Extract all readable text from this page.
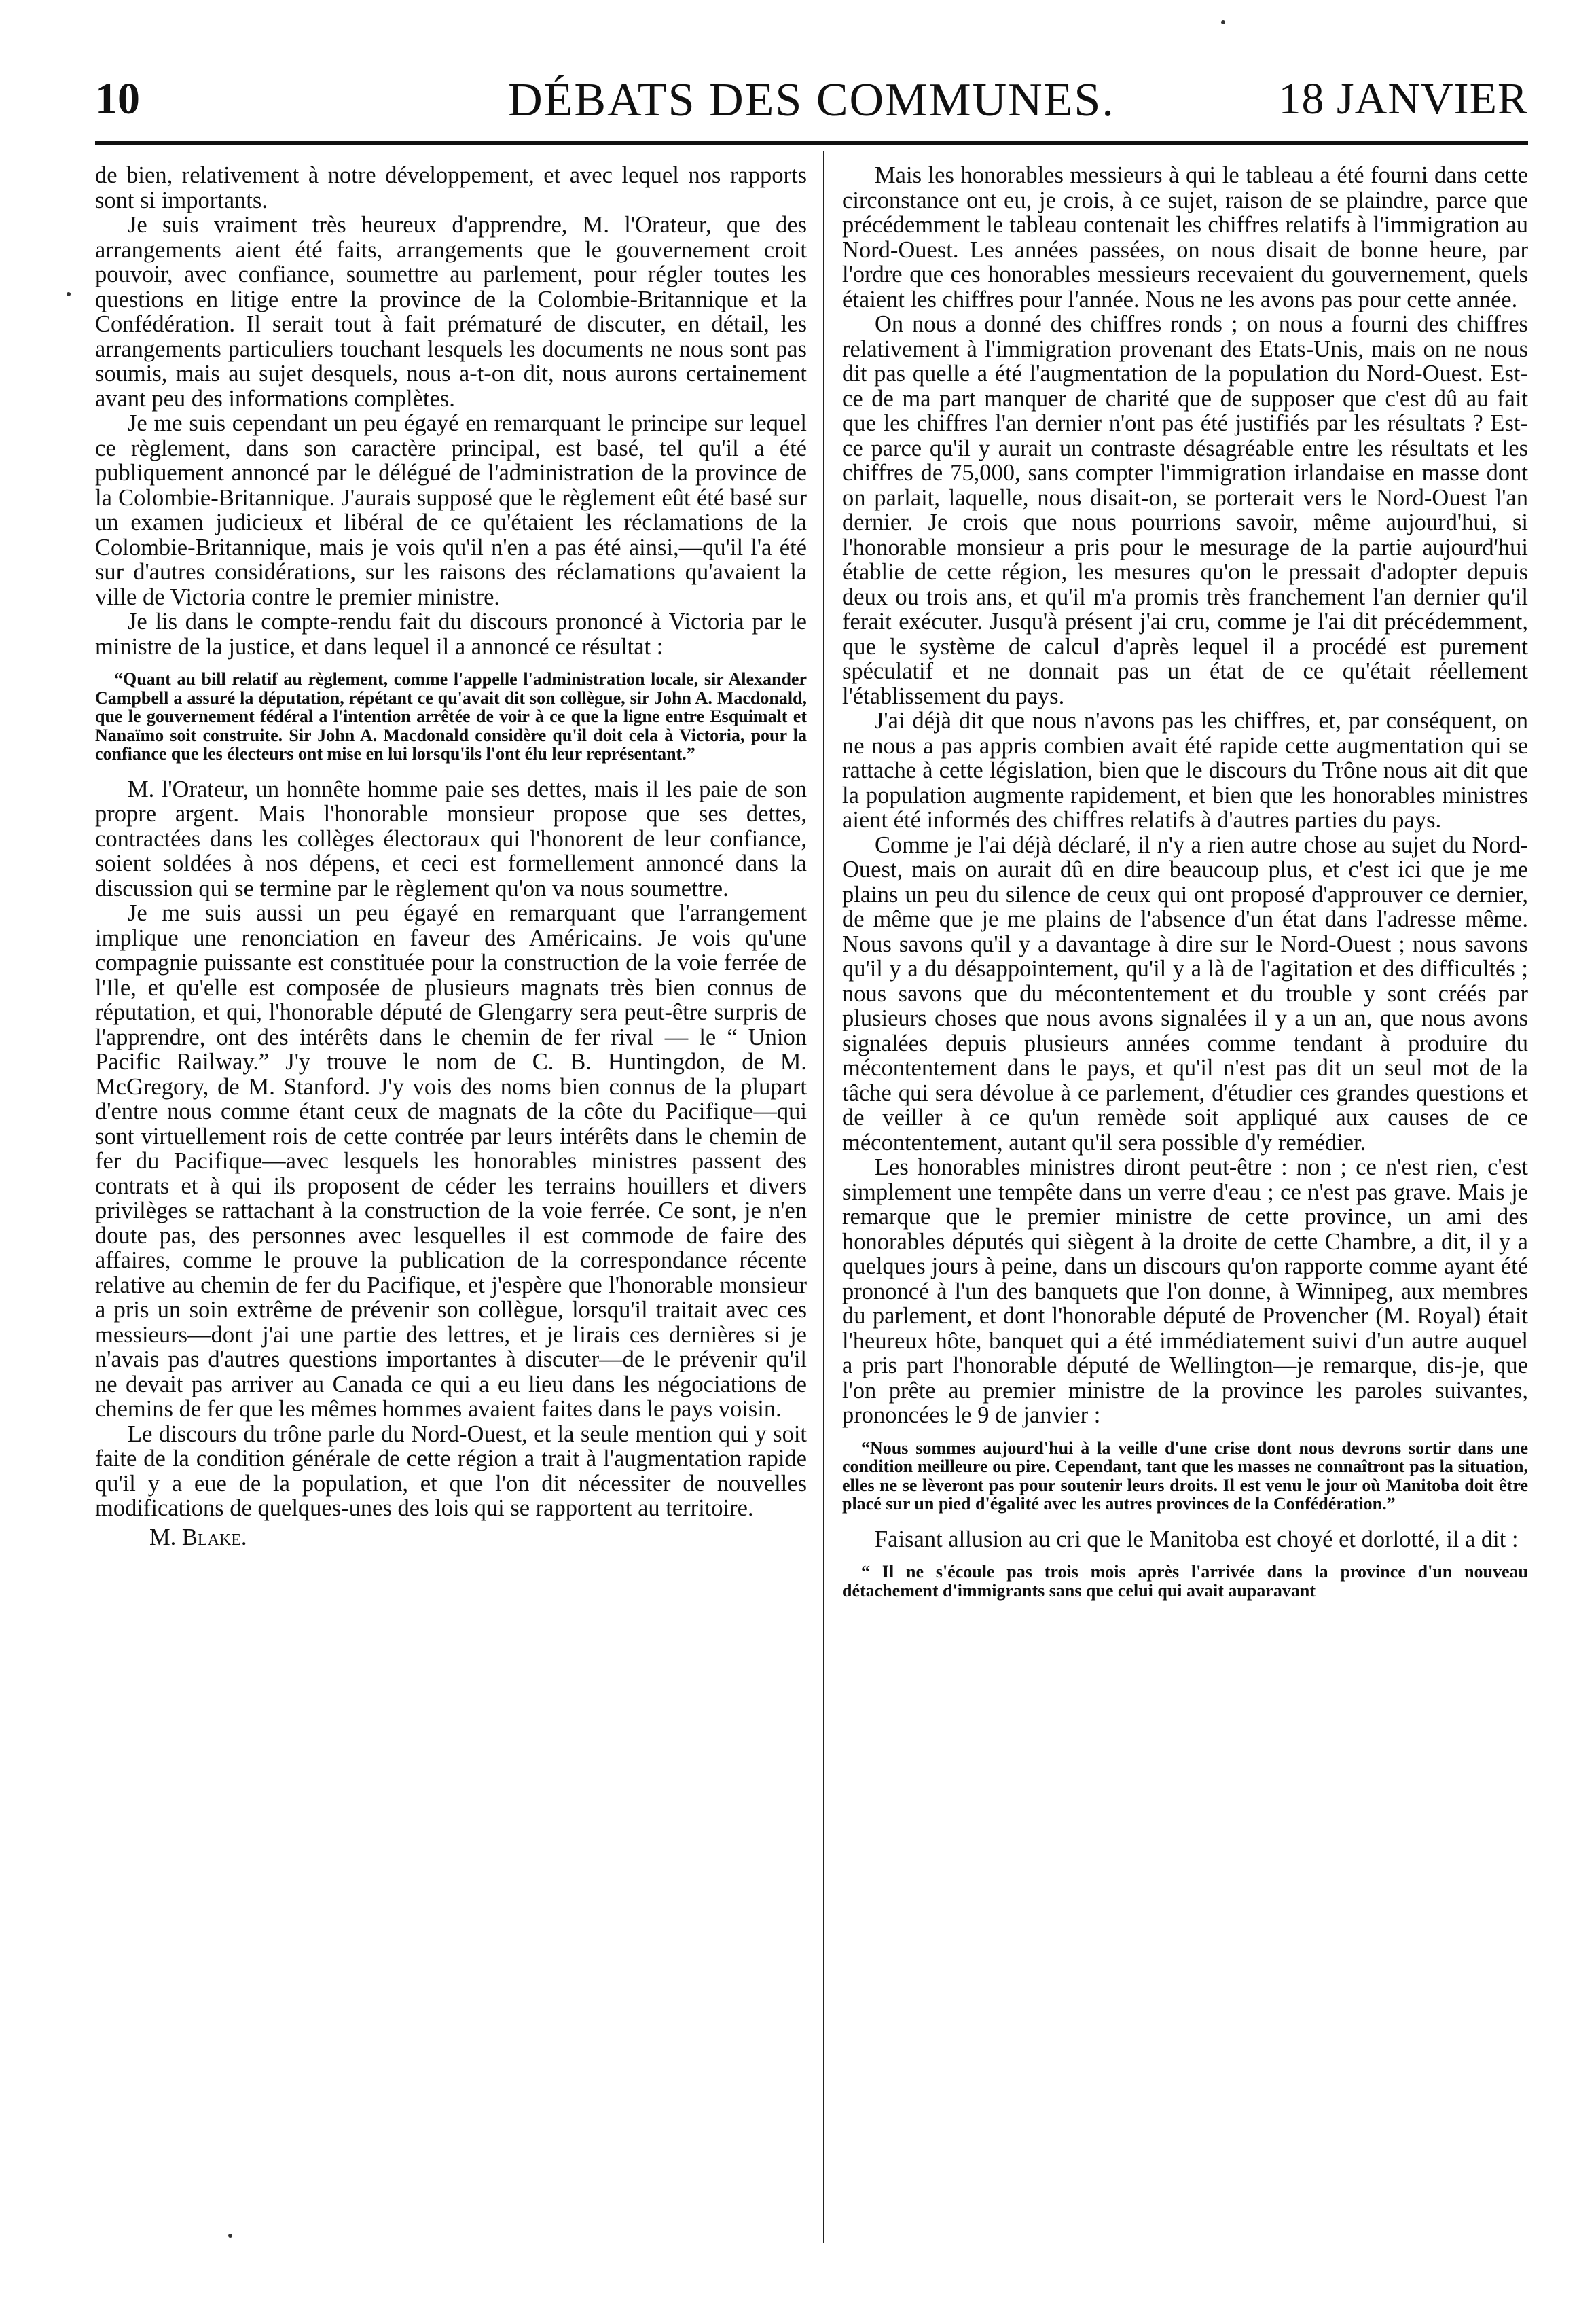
10	DÉBATS DES COMMUNES.	18 JANVIER

de bien, relativement à notre développement, et avec lequel nos rapports sont si importants.

Je suis vraiment très heureux d'apprendre, M. l'Orateur, que des arrangements aient été faits, arrangements que le gouvernement croit pouvoir, avec confiance, soumettre au parlement, pour régler toutes les questions en litige entre la province de la Colombie-Britannique et la Confédération. Il serait tout à fait prématuré de discuter, en détail, les arrangements particuliers touchant lesquels les documents ne nous sont pas soumis, mais au sujet desquels, nous a-t-on dit, nous aurons certainement avant peu des informations complètes.

Je me suis cependant un peu égayé en remarquant le principe sur lequel ce règlement, dans son caractère principal, est basé, tel qu'il a été publiquement annoncé par le délégué de l'administration de la province de la Colombie-Britannique. J'aurais supposé que le règlement eût été basé sur un examen judicieux et libéral de ce qu'étaient les réclamations de la Colombie-Britannique, mais je vois qu'il n'en a pas été ainsi,—qu'il l'a été sur d'autres considérations, sur les raisons des réclamations qu'avaient la ville de Victoria contre le premier ministre.

Je lis dans le compte-rendu fait du discours prononcé à Victoria par le ministre de la justice, et dans lequel il a annoncé ce résultat :

“Quant au bill relatif au règlement, comme l'appelle l'administration locale, sir Alexander Campbell a assuré la députation, répétant ce qu'avait dit son collègue, sir John A. Macdonald, que le gouvernement fédéral a l'intention arrêtée de voir à ce que la ligne entre Esquimalt et Nanaïmo soit construite. Sir John A. Macdonald considère qu'il doit cela à Victoria, pour la confiance que les électeurs ont mise en lui lorsqu'ils l'ont élu leur représentant.”

M. l'Orateur, un honnête homme paie ses dettes, mais il les paie de son propre argent. Mais l'honorable monsieur propose que ses dettes, contractées dans les collèges électoraux qui l'honorent de leur confiance, soient soldées à nos dépens, et ceci est formellement annoncé dans la discussion qui se termine par le règlement qu'on va nous soumettre.

Je me suis aussi un peu égayé en remarquant que l'arrangement implique une renonciation en faveur des Américains. Je vois qu'une compagnie puissante est constituée pour la construction de la voie ferrée de l'Ile, et qu'elle est composée de plusieurs magnats très bien connus de réputation, et qui, l'honorable député de Glengarry sera peut-être surpris de l'apprendre, ont des intérêts dans le chemin de fer rival — le “ Union Pacific Railway.” J'y trouve le nom de C. B. Huntingdon, de M. McGregory, de M. Stanford. J'y vois des noms bien connus de la plupart d'entre nous comme étant ceux de magnats de la côte du Pacifique—qui sont virtuellement rois de cette contrée par leurs intérêts dans le chemin de fer du Pacifique—avec lesquels les honorables ministres passent des contrats et à qui ils proposent de céder les terrains houillers et divers privilèges se rattachant à la construction de la voie ferrée. Ce sont, je n'en doute pas, des personnes avec lesquelles il est commode de faire des affaires, comme le prouve la publication de la correspondance récente relative au chemin de fer du Pacifique, et j'espère que l'honorable monsieur a pris un soin extrême de prévenir son collègue, lorsqu'il traitait avec ces messieurs—dont j'ai une partie des lettres, et je lirais ces dernières si je n'avais pas d'autres questions importantes à discuter—de le prévenir qu'il ne devait pas arriver au Canada ce qui a eu lieu dans les négociations de chemins de fer que les mêmes hommes avaient faites dans le pays voisin.

Le discours du trône parle du Nord-Ouest, et la seule mention qui y soit faite de la condition générale de cette région a trait à l'augmentation rapide qu'il y a eue de la population, et que l'on dit nécessiter de nouvelles modifications de quelques-unes des lois qui se rapportent au territoire.

M. Blake.

Mais les honorables messieurs à qui le tableau a été fourni dans cette circonstance ont eu, je crois, à ce sujet, raison de se plaindre, parce que précédemment le tableau contenait les chiffres relatifs à l'immigration au Nord-Ouest. Les années passées, on nous disait de bonne heure, par l'ordre que ces honorables messieurs recevaient du gouvernement, quels étaient les chiffres pour l'année. Nous ne les avons pas pour cette année.

On nous a donné des chiffres ronds ; on nous a fourni des chiffres relativement à l'immigration provenant des Etats-Unis, mais on ne nous dit pas quelle a été l'augmentation de la population du Nord-Ouest. Est-ce de ma part manquer de charité que de supposer que c'est dû au fait que les chiffres l'an dernier n'ont pas été justifiés par les résultats ? Est-ce parce qu'il y aurait un contraste désagréable entre les résultats et les chiffres de 75,000, sans compter l'immigration irlandaise en masse dont on parlait, laquelle, nous disait-on, se porterait vers le Nord-Ouest l'an dernier. Je crois que nous pourrions savoir, même aujourd'hui, si l'honorable monsieur a pris pour le mesurage de la partie aujourd'hui établie de cette région, les mesures qu'on le pressait d'adopter depuis deux ou trois ans, et qu'il m'a promis très franchement l'an dernier qu'il ferait exécuter. Jusqu'à présent j'ai cru, comme je l'ai dit précédemment, que le système de calcul d'après lequel il a procédé est purement spéculatif et ne donnait pas un état de ce qu'était réellement l'établissement du pays.

J'ai déjà dit que nous n'avons pas les chiffres, et, par conséquent, on ne nous a pas appris combien avait été rapide cette augmentation qui se rattache à cette législation, bien que le discours du Trône nous ait dit que la population augmente rapidement, et bien que les honorables ministres aient été informés des chiffres relatifs à d'autres parties du pays.

Comme je l'ai déjà déclaré, il n'y a rien autre chose au sujet du Nord-Ouest, mais on aurait dû en dire beaucoup plus, et c'est ici que je me plains un peu du silence de ceux qui ont proposé d'approuver ce dernier, de même que je me plains de l'absence d'un état dans l'adresse même. Nous savons qu'il y a davantage à dire sur le Nord-Ouest ; nous savons qu'il y a du désappointement, qu'il y a là de l'agitation et des difficultés ; nous savons que du mécontentement et du trouble y sont créés par plusieurs choses que nous avons signalées il y a un an, que nous avons signalées depuis plusieurs années comme tendant à produire du mécontentement dans le pays, et qu'il n'est pas dit un seul mot de la tâche qui sera dévolue à ce parlement, d'étudier ces grandes questions et de veiller à ce qu'un remède soit appliqué aux causes de ce mécontentement, autant qu'il sera possible d'y remédier.

Les honorables ministres diront peut-être : non ; ce n'est rien, c'est simplement une tempête dans un verre d'eau ; ce n'est pas grave. Mais je remarque que le premier ministre de cette province, un ami des honorables députés qui siègent à la droite de cette Chambre, a dit, il y a quelques jours à peine, dans un discours qu'on rapporte comme ayant été prononcé à l'un des banquets que l'on donne, à Winnipeg, aux membres du parlement, et dont l'honorable député de Provencher (M. Royal) était l'heureux hôte, banquet qui a été immédiatement suivi d'un autre auquel a pris part l'honorable député de Wellington—je remarque, dis-je, que l'on prête au premier ministre de la province les paroles suivantes, prononcées le 9 de janvier :

“Nous sommes aujourd'hui à la veille d'une crise dont nous devrons sortir dans une condition meilleure ou pire. Cependant, tant que les masses ne connaîtront pas la situation, elles ne se lèveront pas pour soutenir leurs droits. Il est venu le jour où Manitoba doit être placé sur un pied d'égalité avec les autres provinces de la Confédération.”

Faisant allusion au cri que le Manitoba est choyé et dorlotté, il a dit :

“ Il ne s'écoule pas trois mois après l'arrivée dans la province d'un nouveau détachement d'immigrants sans que celui qui avait auparavant
